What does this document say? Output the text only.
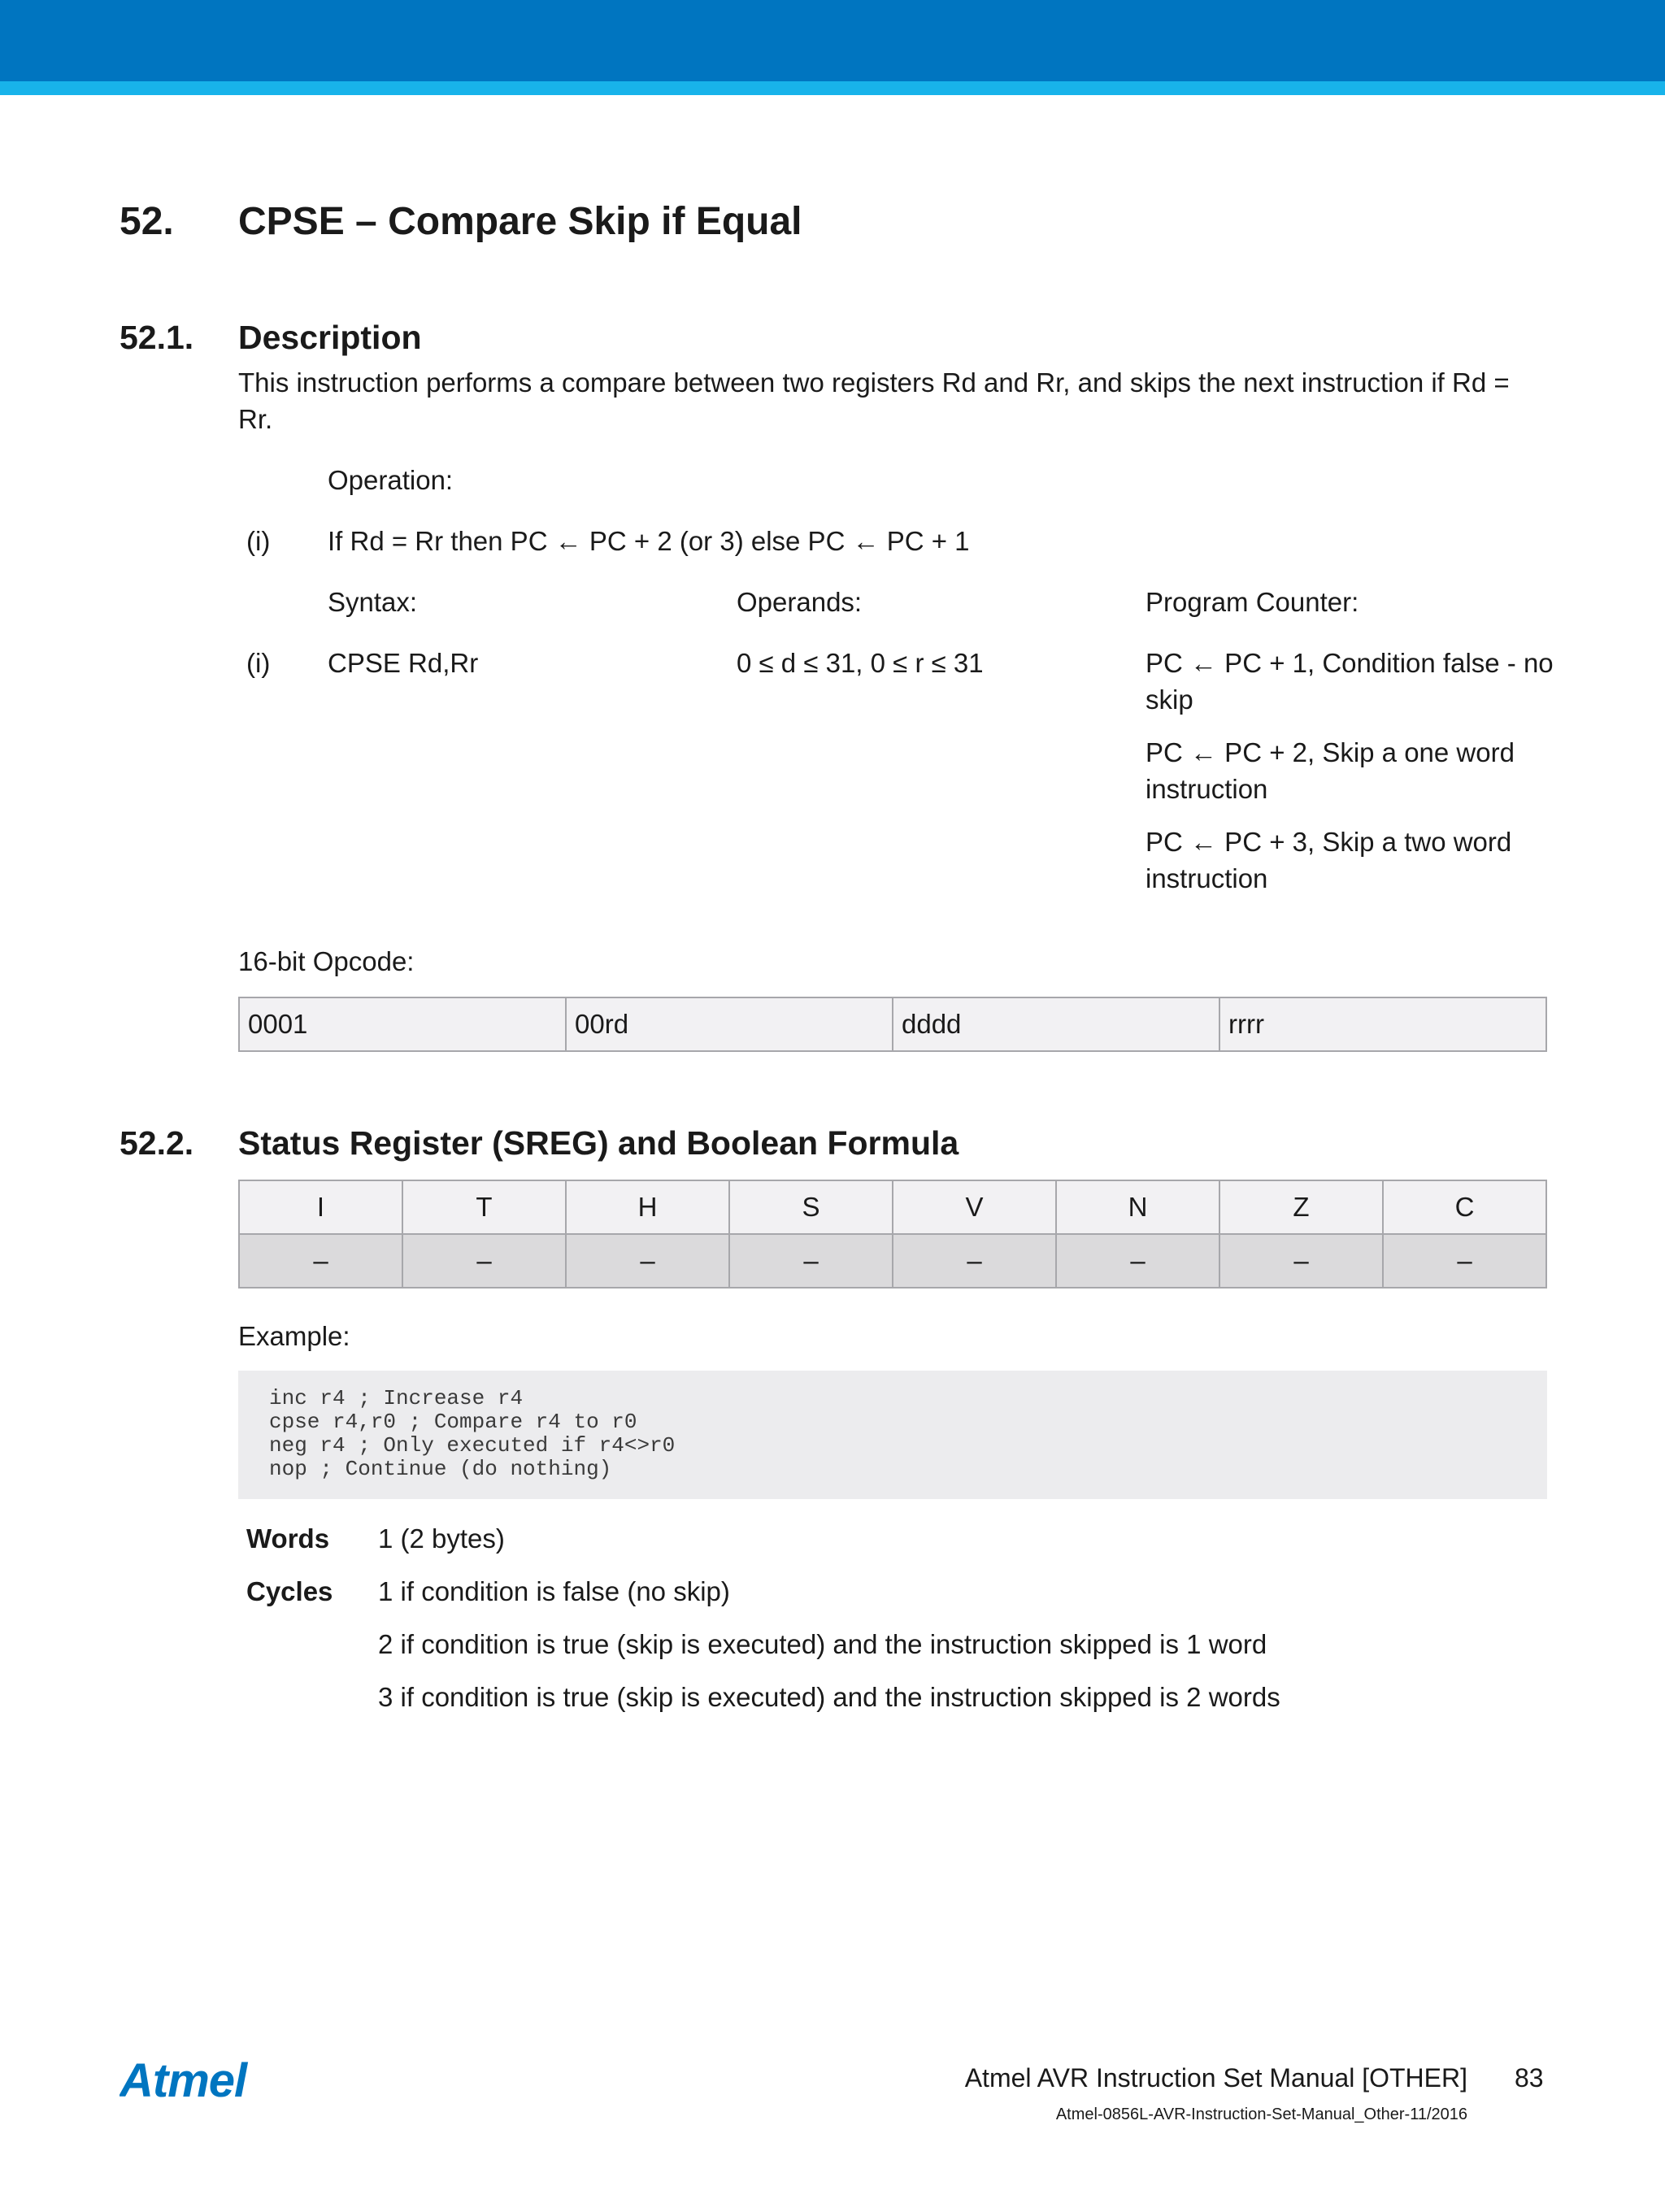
52. CPSE – Compare Skip if Equal
52.1. Description
This instruction performs a compare between two registers Rd and Rr, and skips the next instruction if Rd = Rr.
Operation:
(i) If Rd = Rr then PC ← PC + 2 (or 3) else PC ← PC + 1
Syntax:	Operands:	Program Counter:
(i) CPSE Rd,Rr	0 ≤ d ≤ 31, 0 ≤ r ≤ 31	PC ← PC + 1, Condition false - no skip
PC ← PC + 2, Skip a one word instruction
PC ← PC + 3, Skip a two word instruction
16-bit Opcode:
0001	00rd	dddd	rrrr
52.2. Status Register (SREG) and Boolean Formula
I	T	H	S	V	N	Z	C
–	–	–	–	–	–	–	–
Example:
inc r4 ; Increase r4
cpse r4,r0 ; Compare r4 to r0
neg r4 ; Only executed if r4<>r0
nop ; Continue (do nothing)
Words 1 (2 bytes)
Cycles 1 if condition is false (no skip)
2 if condition is true (skip is executed) and the instruction skipped is 1 word
3 if condition is true (skip is executed) and the instruction skipped is 2 words
Atmel	Atmel AVR Instruction Set Manual [OTHER] 83
Atmel-0856L-AVR-Instruction-Set-Manual_Other-11/2016
